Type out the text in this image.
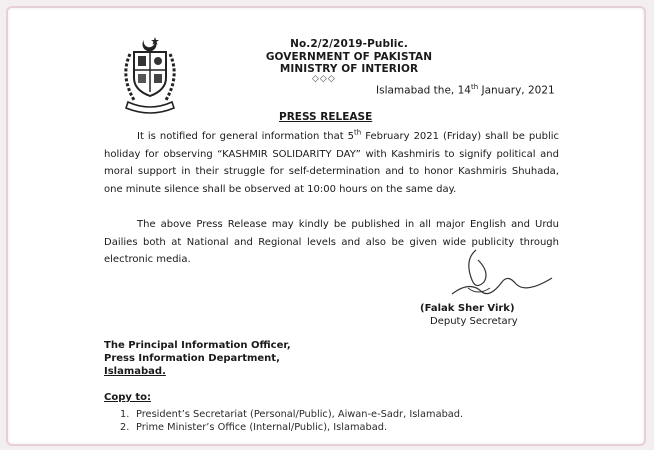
No.2/2/2019-Public.
GOVERNMENT OF PAKISTAN
MINISTRY OF INTERIOR
◇◇◇
Islamabad the, 14th January, 2021
PRESS RELEASE
It is notified for general information that 5th February 2021 (Friday) shall be public holiday for observing “KASHMIR SOLIDARITY DAY” with Kashmiris to signify political and moral support in their struggle for self-determination and to honor Kashmiris Shuhada, one minute silence shall be observed at 10:00 hours on the same day.
The above Press Release may kindly be published in all major English and Urdu Dailies both at National and Regional levels and also be given wide publicity through electronic media.
(Falak Sher Virk)
Deputy Secretary
The Principal Information Officer,
Press Information Department,
Islamabad.
Copy to:
1. President’s Secretariat (Personal/Public), Aiwan-e-Sadr, Islamabad.
2. Prime Minister’s Office (Internal/Public), Islamabad.
